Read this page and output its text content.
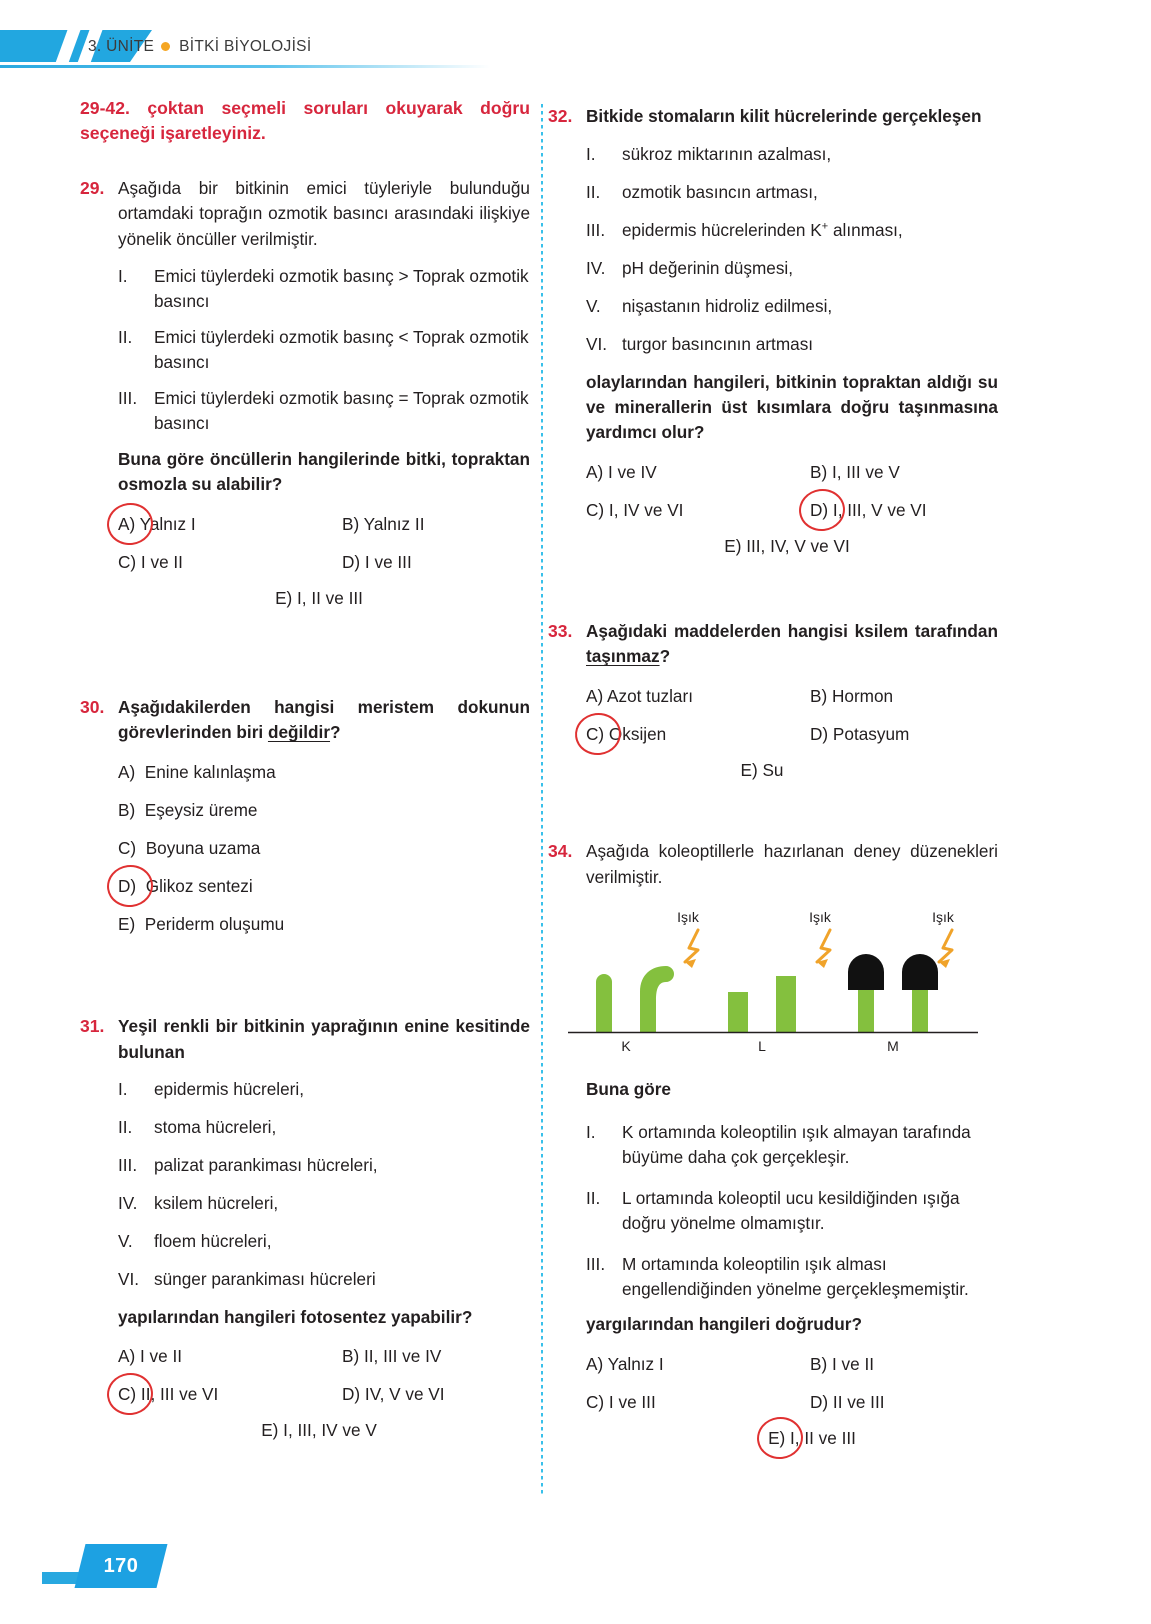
3. ÜNİTE BİTKİ BİYOLOJİSİ
29-42. çoktan seçmeli soruları okuyarak doğru seçeneği işaretleyiniz.
29. Aşağıda bir bitkinin emici tüyleriyle bulunduğu ortamdaki toprağın ozmotik basıncı arasındaki ilişkiye yönelik öncüller verilmiştir.
I.	Emici tüylerdeki ozmotik basınç > Toprak ozmotik basıncı
II.	Emici tüylerdeki ozmotik basınç < Toprak ozmotik basıncı
III. Emici tüylerdeki ozmotik basınç = Toprak ozmotik basıncı
Buna göre öncüllerin hangilerinde bitki, topraktan osmozla su alabilir?
A) Yalnız I	B) Yalnız II
C) I ve II	D) I ve III
E) I, II ve III
30. Aşağıdakilerden hangisi meristem dokunun görevlerinden biri değildir?
A) Enine kalınlaşma
B) Eşeysiz üreme
C) Boyuna uzama
D) Glikoz sentezi
E) Periderm oluşumu
31. Yeşil renkli bir bitkinin yaprağının enine kesitinde bulunan
I.	epidermis hücreleri,
II.	stoma hücreleri,
III. palizat parankiması hücreleri,
IV. ksilem hücreleri,
V.	floem hücreleri,
VI. sünger parankiması hücreleri
yapılarından hangileri fotosentez yapabilir?
A) I ve II	B) II, III ve IV
C) II, III ve VI	D) IV, V ve VI
E) I, III, IV ve V
32. Bitkide stomaların kilit hücrelerinde gerçekleşen
I.	sükroz miktarının azalması,
II.	ozmotik basıncın artması,
III. epidermis hücrelerinden K+ alınması,
IV. pH değerinin düşmesi,
V.	nişastanın hidroliz edilmesi,
VI. turgor basıncının artması
olaylarından hangileri, bitkinin topraktan aldığı su ve minerallerin üst kısımlara doğru taşınmasına yardımcı olur?
A) I ve IV	B) I, III ve V
C) I, IV ve VI	D) I, III, V ve VI
E) III, IV, V ve VI
33. Aşağıdaki maddelerden hangisi ksilem tarafından taşınmaz?
A) Azot tuzları	B) Hormon
C) Oksijen	D) Potasyum
E) Su
34. Aşağıda koleoptillerle hazırlanan deney düzenekleri verilmiştir.
Işık	Işık	Işık
K	L	M
Buna göre
I.	K ortamında koleoptilin ışık almayan tarafında büyüme daha çok gerçekleşir.
II.	L ortamında koleoptil ucu kesildiğinden ışığa doğru yönelme olmamıştır.
III. M ortamında koleoptilin ışık alması engellendiğinden yönelme gerçekleşmemiştir.
yargılarından hangileri doğrudur?
A) Yalnız I	B) I ve II
C) I ve III	D) II ve III
E) I, II ve III
170
